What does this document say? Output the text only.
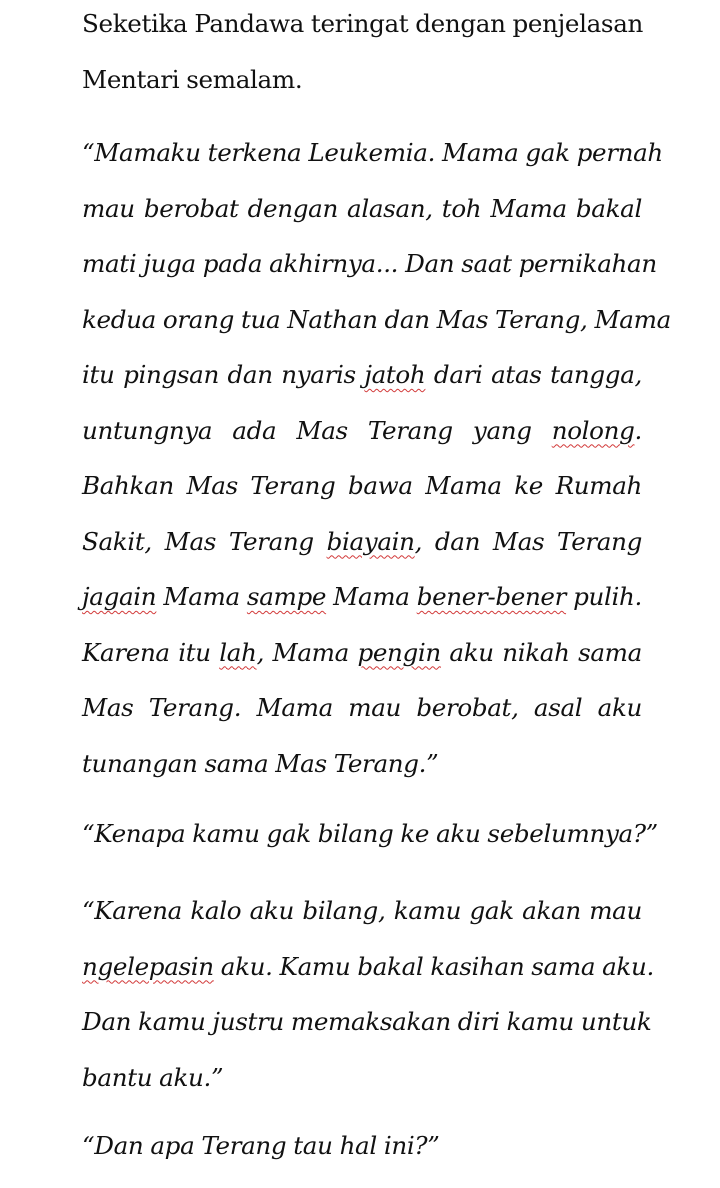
Seketika Pandawa teringat dengan penjelasan
Mentari semalam.
“Mamaku terkena Leukemia. Mama gak pernah
mau berobat dengan alasan, toh Mama bakal
mati juga pada akhirnya... Dan saat pernikahan
kedua orang tua Nathan dan Mas Terang, Mama
itu pingsan dan nyaris jatoh dari atas tangga,
untungnya ada Mas Terang yang nolong.
Bahkan Mas Terang bawa Mama ke Rumah
Sakit, Mas Terang biayain, dan Mas Terang
jagain Mama sampe Mama bener-bener pulih.
Karena itu lah, Mama pengin aku nikah sama
Mas Terang. Mama mau berobat, asal aku
tunangan sama Mas Terang.”
“Kenapa kamu gak bilang ke aku sebelumnya?”
“Karena kalo aku bilang, kamu gak akan mau
ngelepasin aku. Kamu bakal kasihan sama aku.
Dan kamu justru memaksakan diri kamu untuk
bantu aku.”
“Dan apa Terang tau hal ini?”
